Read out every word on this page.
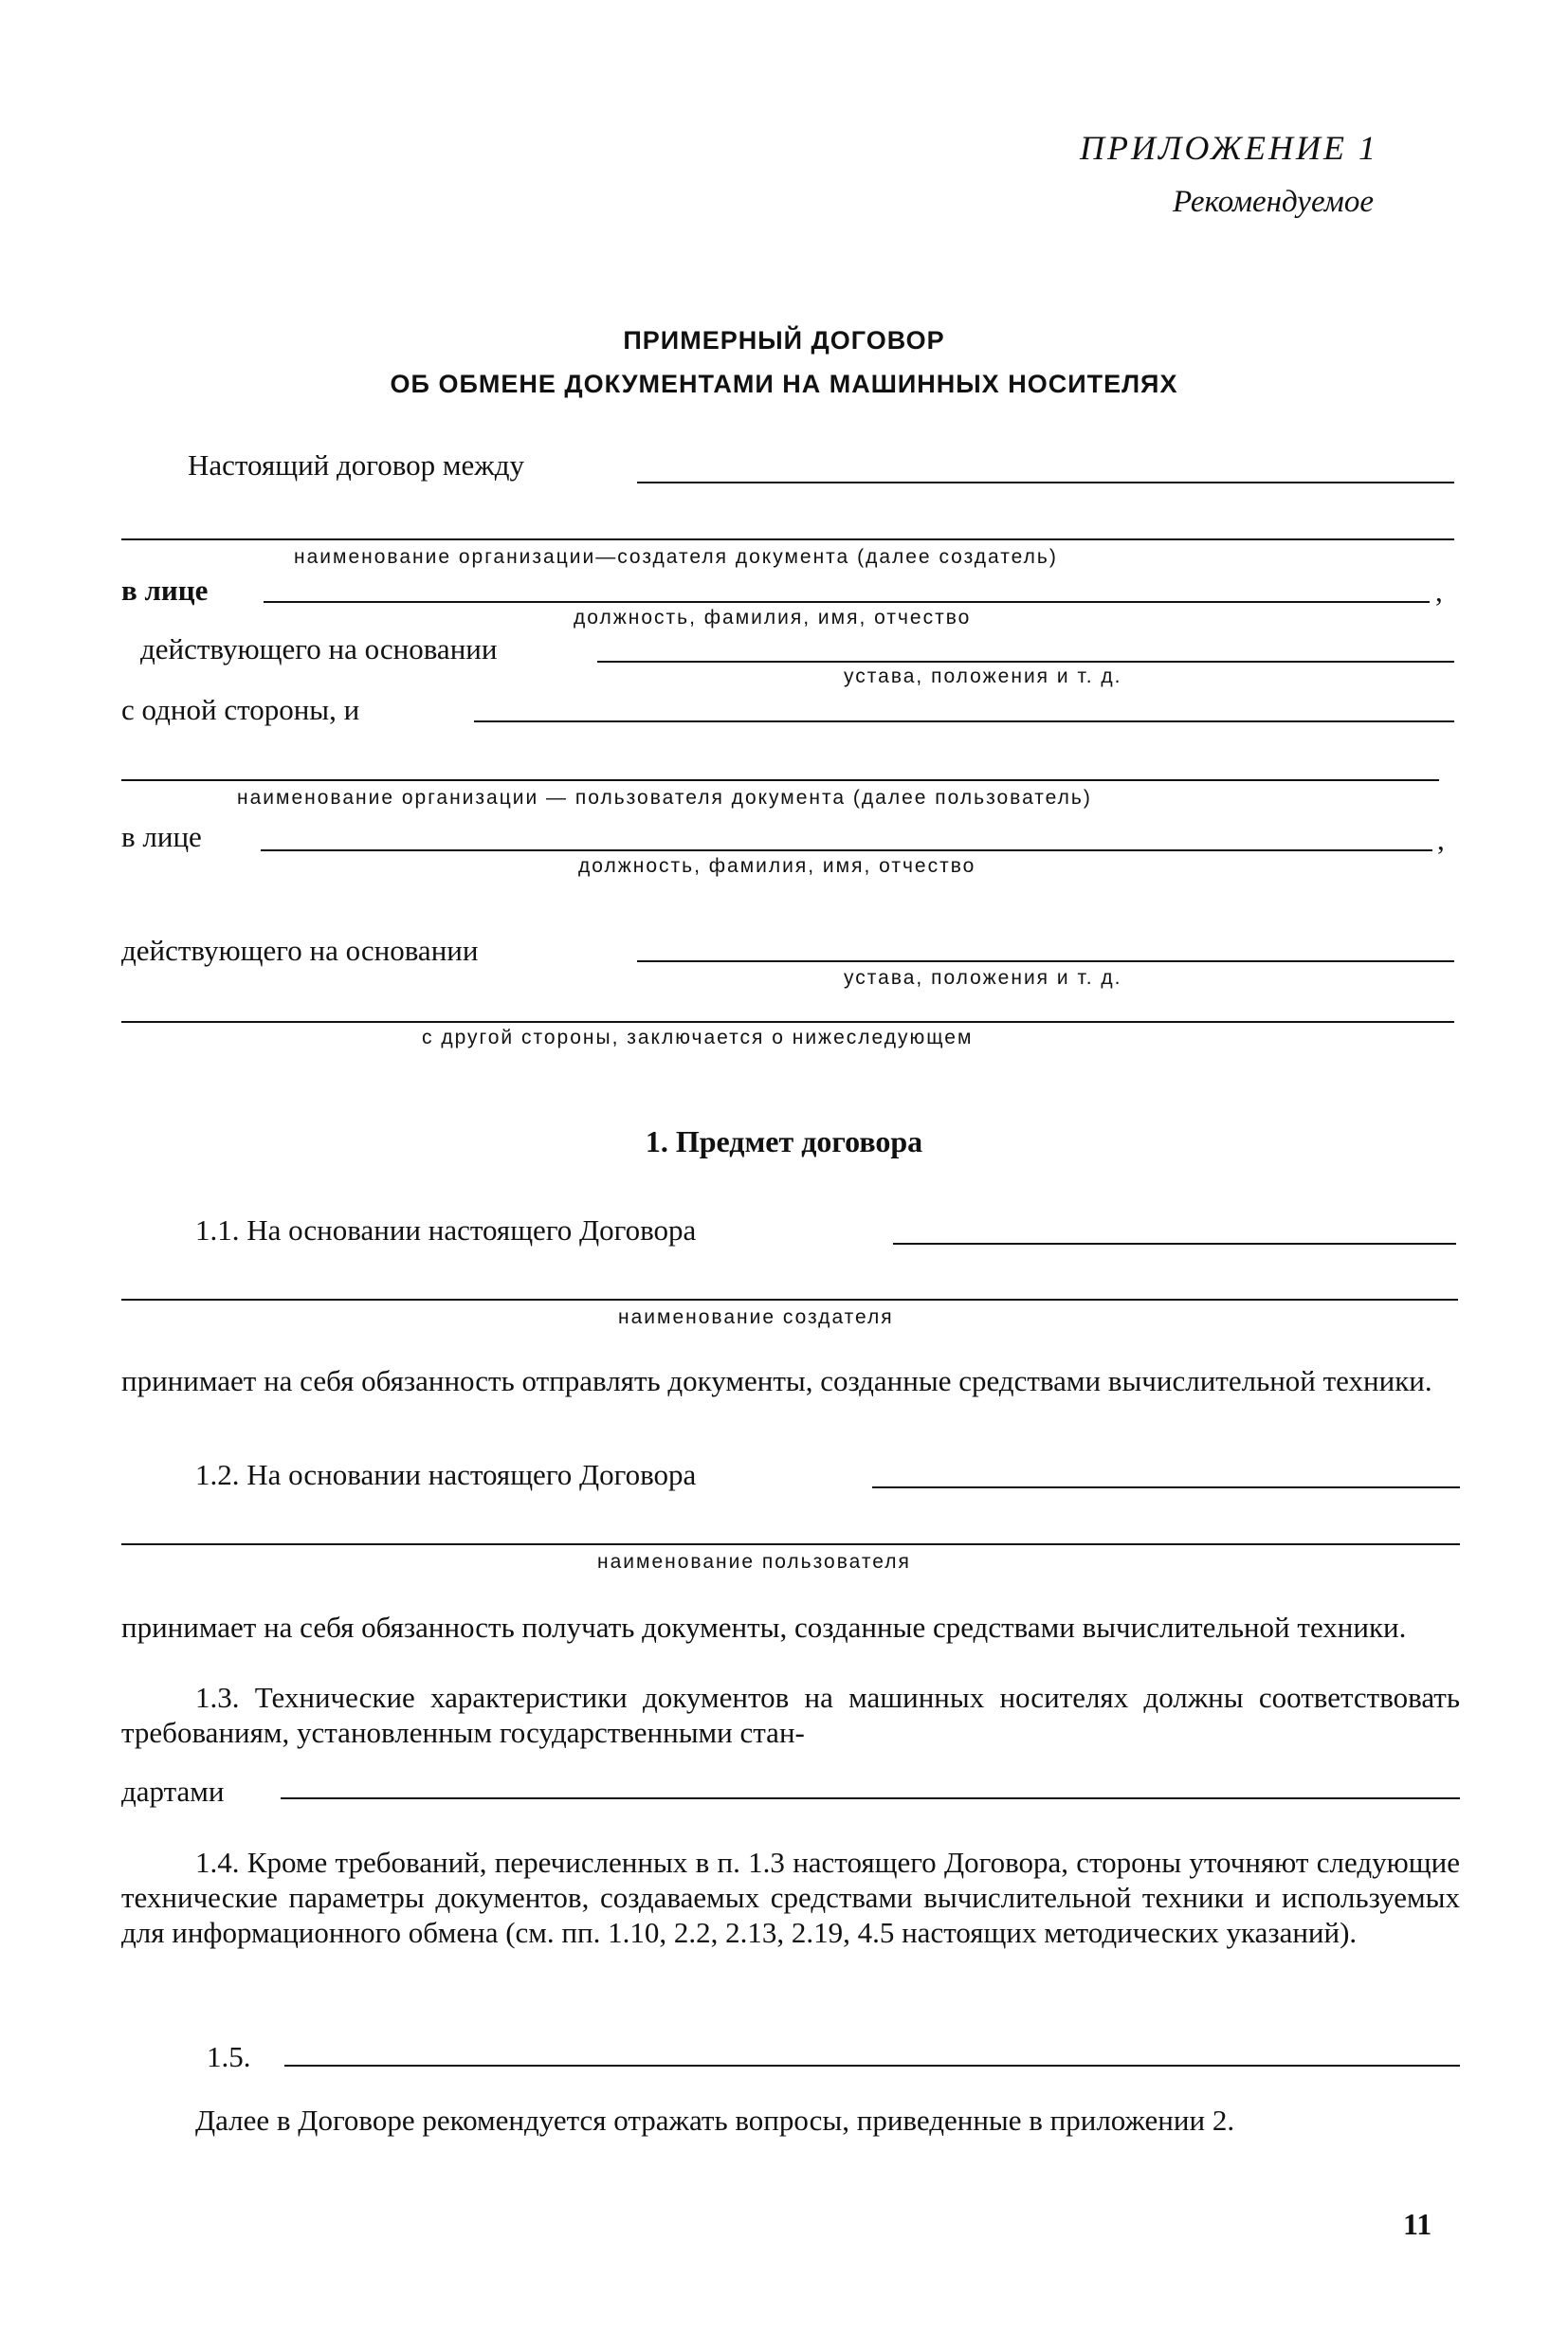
ПРИЛОЖЕНИЕ 1
Рекомендуемое
ПРИМЕРНЫЙ ДОГОВОР
ОБ ОБМЕНЕ ДОКУМЕНТАМИ НА МАШИННЫХ НОСИТЕЛЯХ
Настоящий договор между
наименование организации—создателя документа (далее создатель)
в лице	,
должность, фамилия, имя, отчество
действующего на основании
устава, положения и т. д.
с одной стороны, и
наименование организации — пользователя документа (далее пользователь)
в лице	,
должность, фамилия, имя, отчество
действующего на основании
устава, положения и т. д.
с другой стороны, заключается о нижеследующем
1. Предмет договора
1.1. На основании настоящего Договора
наименование создателя
принимает на себя обязанность отправлять документы, созданные средствами вычислительной техники.
1.2. На основании настоящего Договора
наименование пользователя
принимает на себя обязанность получать документы, созданные средствами вычислительной техники.
1.3. Технические характеристики документов на машинных носителях должны соответствовать требованиям, установленным государственными стан-
дартами
1.4. Кроме требований, перечисленных в п. 1.3 настоящего Договора, стороны уточняют следующие технические параметры документов, создаваемых средствами вычислительной техники и используемых для информационного обмена (см. пп. 1.10, 2.2, 2.13, 2.19, 4.5 настоящих методических указаний).
1.5.
Далее в Договоре рекомендуется отражать вопросы, приведенные в приложении 2.
11
